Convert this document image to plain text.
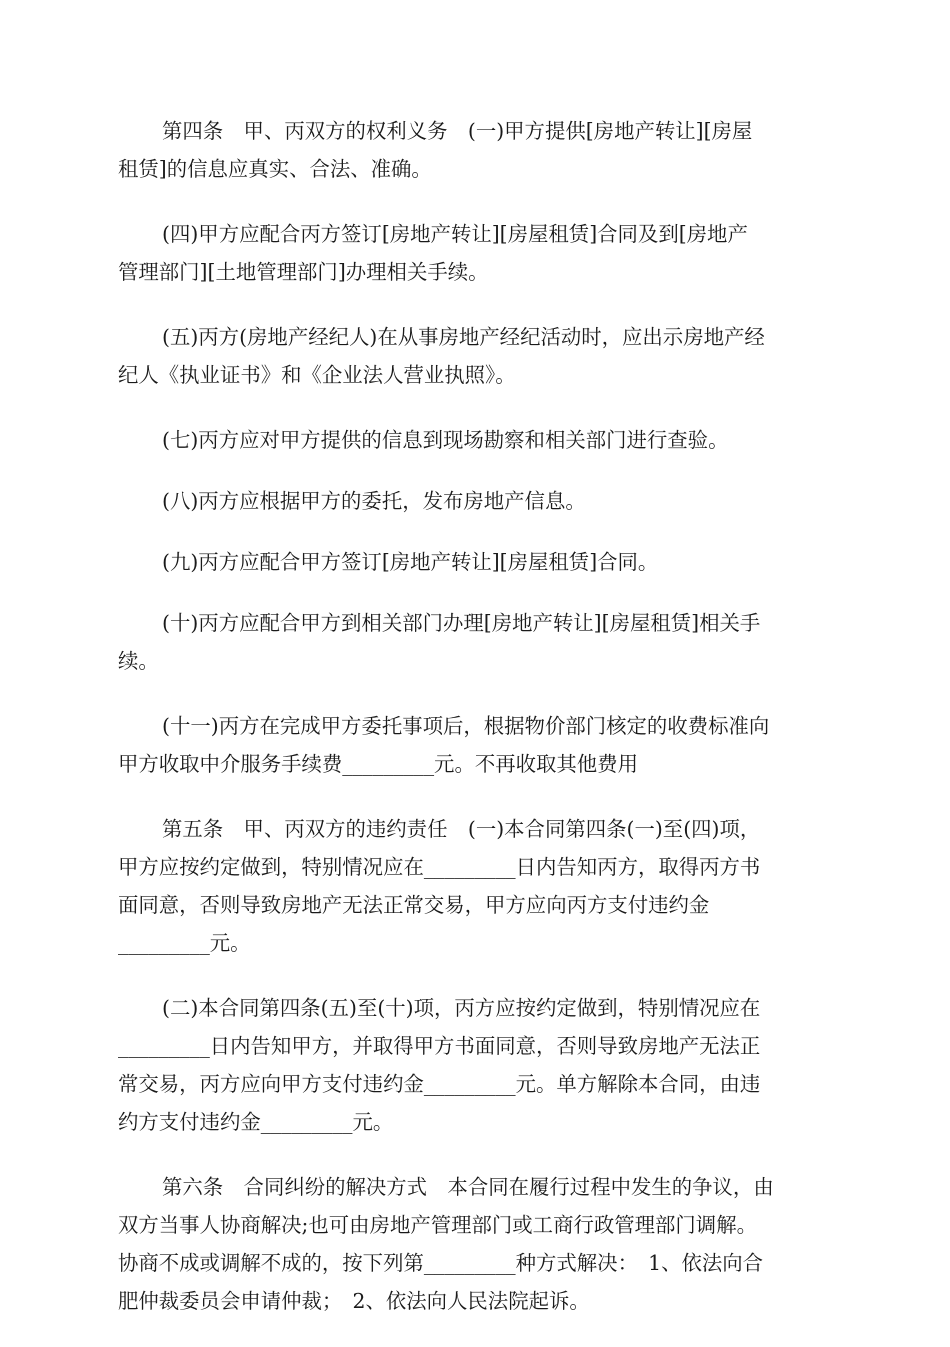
第四条　甲、丙双方的权利义务　(一)甲方提供[房地产转让][房屋
租赁]的信息应真实、合法、准确。

(四)甲方应配合丙方签订[房地产转让][房屋租赁]合同及到[房地产
管理部门][土地管理部门]办理相关手续。

(五)丙方(房地产经纪人)在从事房地产经纪活动时，应出示房地产经
纪人《执业证书》和《企业法人营业执照》。

(七)丙方应对甲方提供的信息到现场勘察和相关部门进行查验。

(八)丙方应根据甲方的委托，发布房地产信息。

(九)丙方应配合甲方签订[房地产转让][房屋租赁]合同。

(十)丙方应配合甲方到相关部门办理[房地产转让][房屋租赁]相关手
续。

(十一)丙方在完成甲方委托事项后，根据物价部门核定的收费标准向
甲方收取中介服务手续费_________元。不再收取其他费用

第五条　甲、丙双方的违约责任　(一)本合同第四条(一)至(四)项，
甲方应按约定做到，特别情况应在_________日内告知丙方，取得丙方书
面同意，否则导致房地产无法正常交易，甲方应向丙方支付违约金
_________元。

(二)本合同第四条(五)至(十)项，丙方应按约定做到，特别情况应在
_________日内告知甲方，并取得甲方书面同意，否则导致房地产无法正
常交易，丙方应向甲方支付违约金_________元。单方解除本合同，由违
约方支付违约金_________元。

第六条　合同纠纷的解决方式　本合同在履行过程中发生的争议，由
双方当事人协商解决;也可由房地产管理部门或工商行政管理部门调解。
协商不成或调解不成的，按下列第_________种方式解决：　1、依法向合
肥仲裁委员会申请仲裁；　2、依法向人民法院起诉。
